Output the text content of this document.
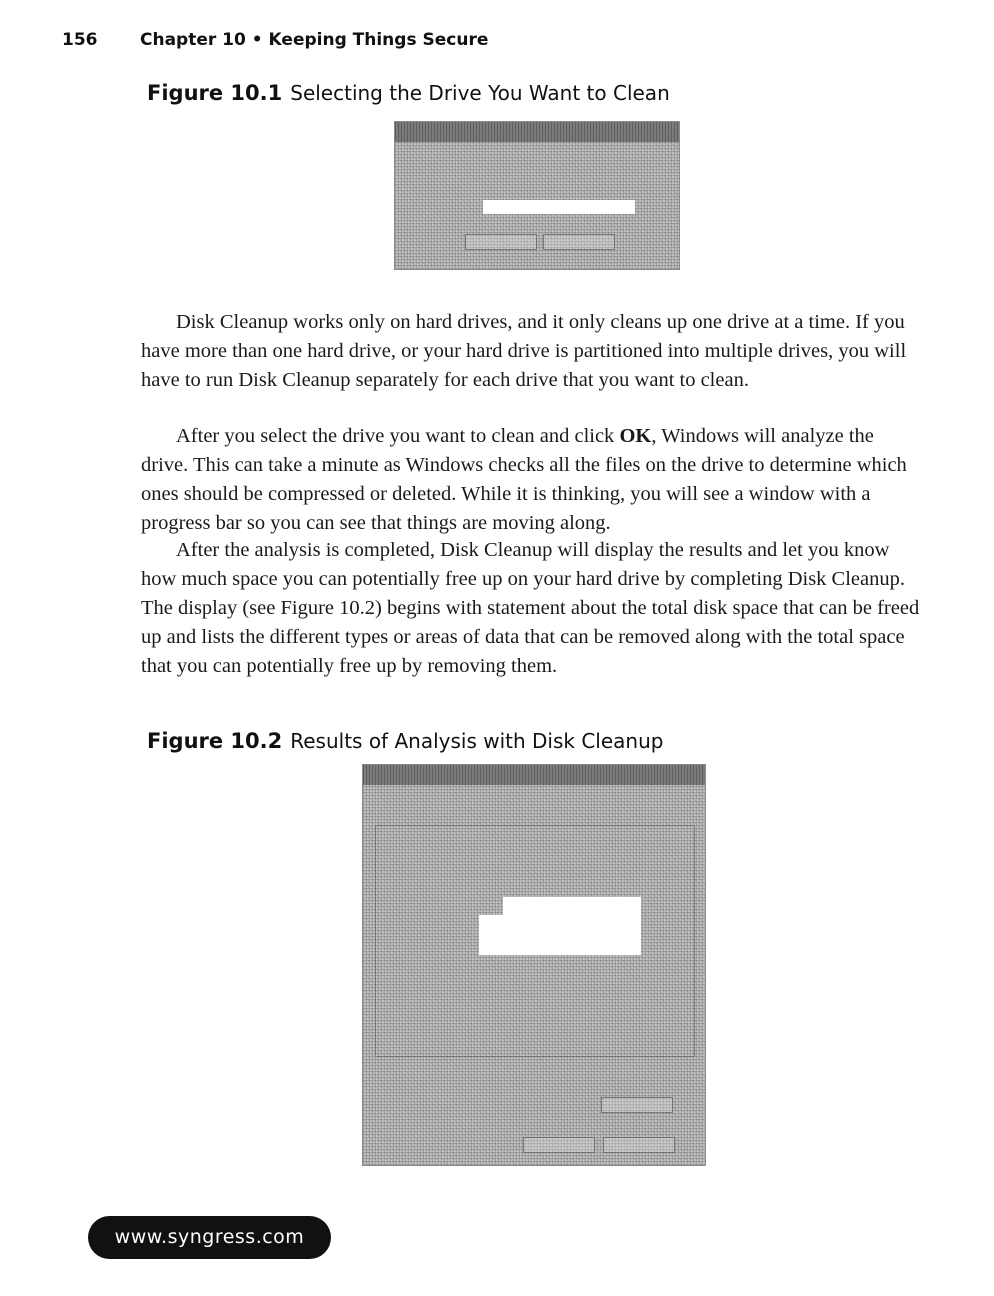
156	Chapter 10 • Keeping Things Secure
Figure 10.1 Selecting the Drive You Want to Clean

Disk Cleanup works only on hard drives, and it only cleans up one drive at a time. If you have more than one hard drive, or your hard drive is partitioned into multiple drives, you will have to run Disk Cleanup separately for each drive that you want to clean.

After you select the drive you want to clean and click OK, Windows will analyze the drive. This can take a minute as Windows checks all the files on the drive to determine which ones should be compressed or deleted. While it is thinking, you will see a window with a progress bar so you can see that things are moving along.

After the analysis is completed, Disk Cleanup will display the results and let you know how much space you can potentially free up on your hard drive by completing Disk Cleanup. The display (see Figure 10.2) begins with statement about the total disk space that can be freed up and lists the different types or areas of data that can be removed along with the total space that you can potentially free up by removing them.

Figure 10.2 Results of Analysis with Disk Cleanup
www.syngress.com
